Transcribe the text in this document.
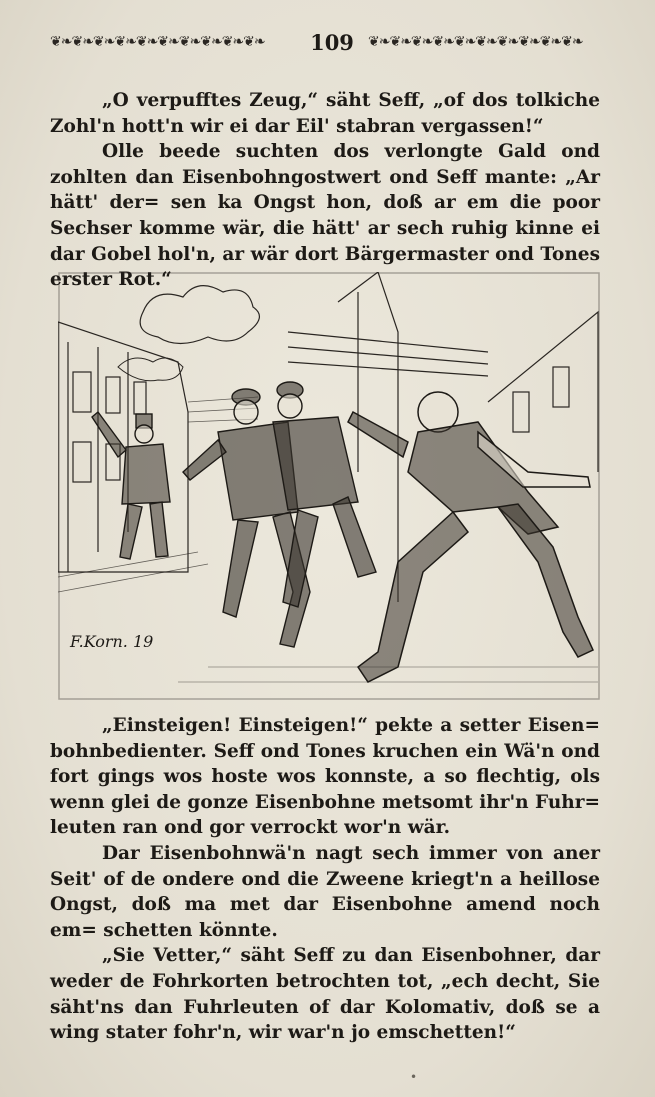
❦❧❦❧❦❧❦❧❦❧❦❧❦❧❦❧❦❧❦❧	109 ❦❧❦❧❦❧❦❧❦❧❦❧❦❧❦❧❦❧❦❧

„O verpufftes Zeug,“ säht Seff, „of dos tolkiche Zohl'n hott'n wir ei dar Eil' stabran vergassen!“

Olle beede suchten dos verlongte Gald ond zohlten dan Eisenbohngostwert ond Seff mante: „Ar hätt' der= sen ka Ongst hon, doß ar em die poor Sechser komme wär, die hätt' ar sech ruhig kinne ei dar Gobel hol'n, ar wär dort Bärgermaster ond Tones erster Rot.“

F.Korn. 19

„Einsteigen! Einsteigen!“ pekte a setter Eisen= bohnbedienter. Seff ond Tones kruchen ein Wä'n ond fort gings wos hoste wos konnste, a so flechtig, ols wenn glei de gonze Eisenbohne metsomt ihr'n Fuhr= leuten ran ond gor verrockt wor'n wär.

Dar Eisenbohnwä'n nagt sech immer von aner Seit' of de ondere ond die Zweene kriegt'n a heillose Ongst, doß ma met dar Eisenbohne amend noch em= schetten könnte.

„Sie Vetter,“ säht Seff zu dan Eisenbohner, dar weder de Fohrkorten betrochten tot, „ech decht, Sie säht'ns dan Fuhrleuten of dar Kolomativ, doß se a wing stater fohr'n, wir war'n jo emschetten!“

•
